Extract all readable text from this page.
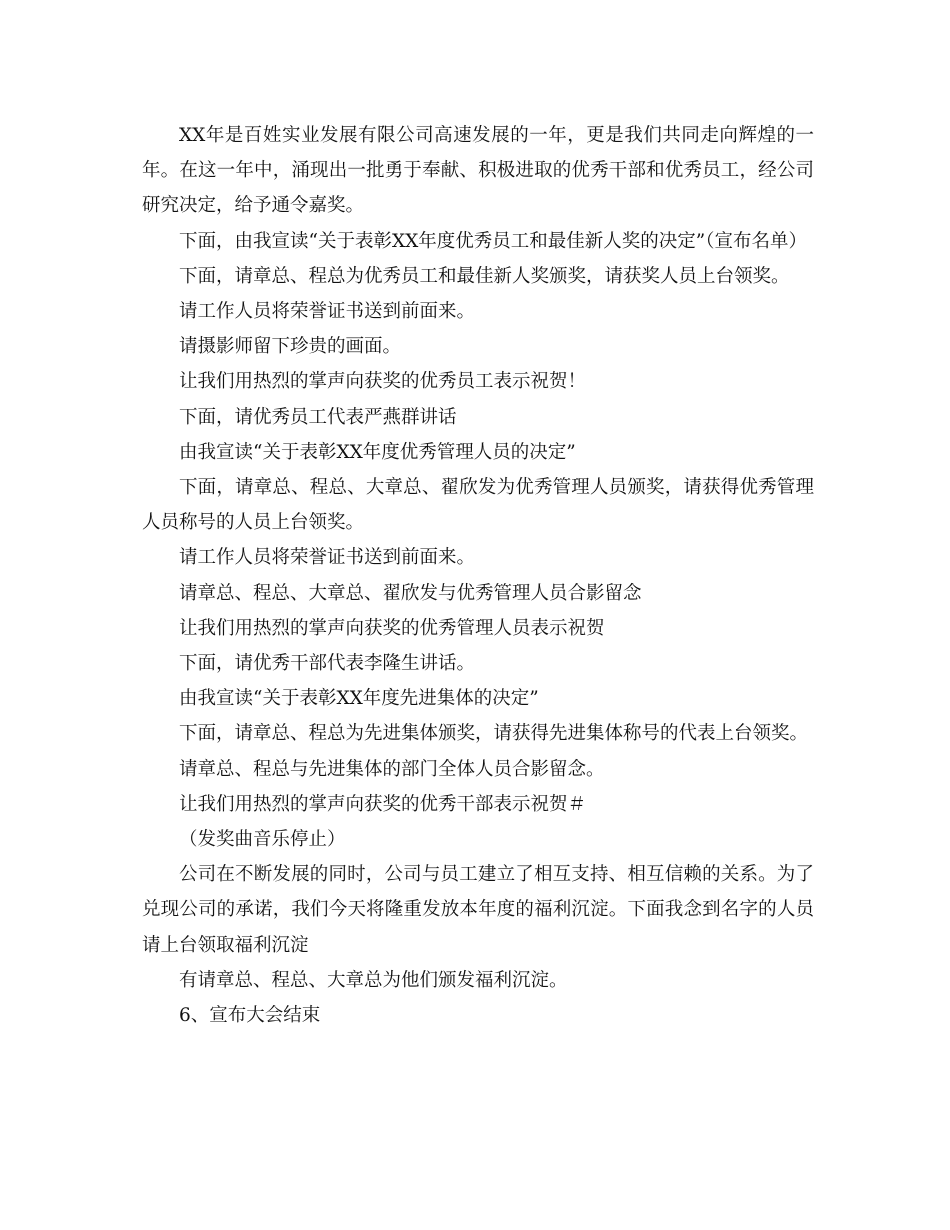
XX年是百姓实业发展有限公司高速发展的一年，更是我们共同走向辉煌的一年。在这一年中，涌现出一批勇于奉献、积极进取的优秀干部和优秀员工，经公司研究决定，给予通令嘉奖。

下面，由我宣读“关于表彰XX年度优秀员工和最佳新人奖的决定”（宣布名单）

下面，请章总、程总为优秀员工和最佳新人奖颁奖，请获奖人员上台领奖。

请工作人员将荣誉证书送到前面来。

请摄影师留下珍贵的画面。

让我们用热烈的掌声向获奖的优秀员工表示祝贺！

下面，请优秀员工代表严燕群讲话

由我宣读“关于表彰XX年度优秀管理人员的决定”

下面，请章总、程总、大章总、翟欣发为优秀管理人员颁奖，请获得优秀管理人员称号的人员上台领奖。

请工作人员将荣誉证书送到前面来。

请章总、程总、大章总、翟欣发与优秀管理人员合影留念

让我们用热烈的掌声向获奖的优秀管理人员表示祝贺

下面，请优秀干部代表李隆生讲话。

由我宣读“关于表彰XX年度先进集体的决定”

下面，请章总、程总为先进集体颁奖，请获得先进集体称号的代表上台领奖。

请章总、程总与先进集体的部门全体人员合影留念。

让我们用热烈的掌声向获奖的优秀干部表示祝贺＃

（发奖曲音乐停止）

公司在不断发展的同时，公司与员工建立了相互支持、相互信赖的关系。为了兑现公司的承诺，我们今天将隆重发放本年度的福利沉淀。下面我念到名字的人员请上台领取福利沉淀

有请章总、程总、大章总为他们颁发福利沉淀。

6、宣布大会结束
